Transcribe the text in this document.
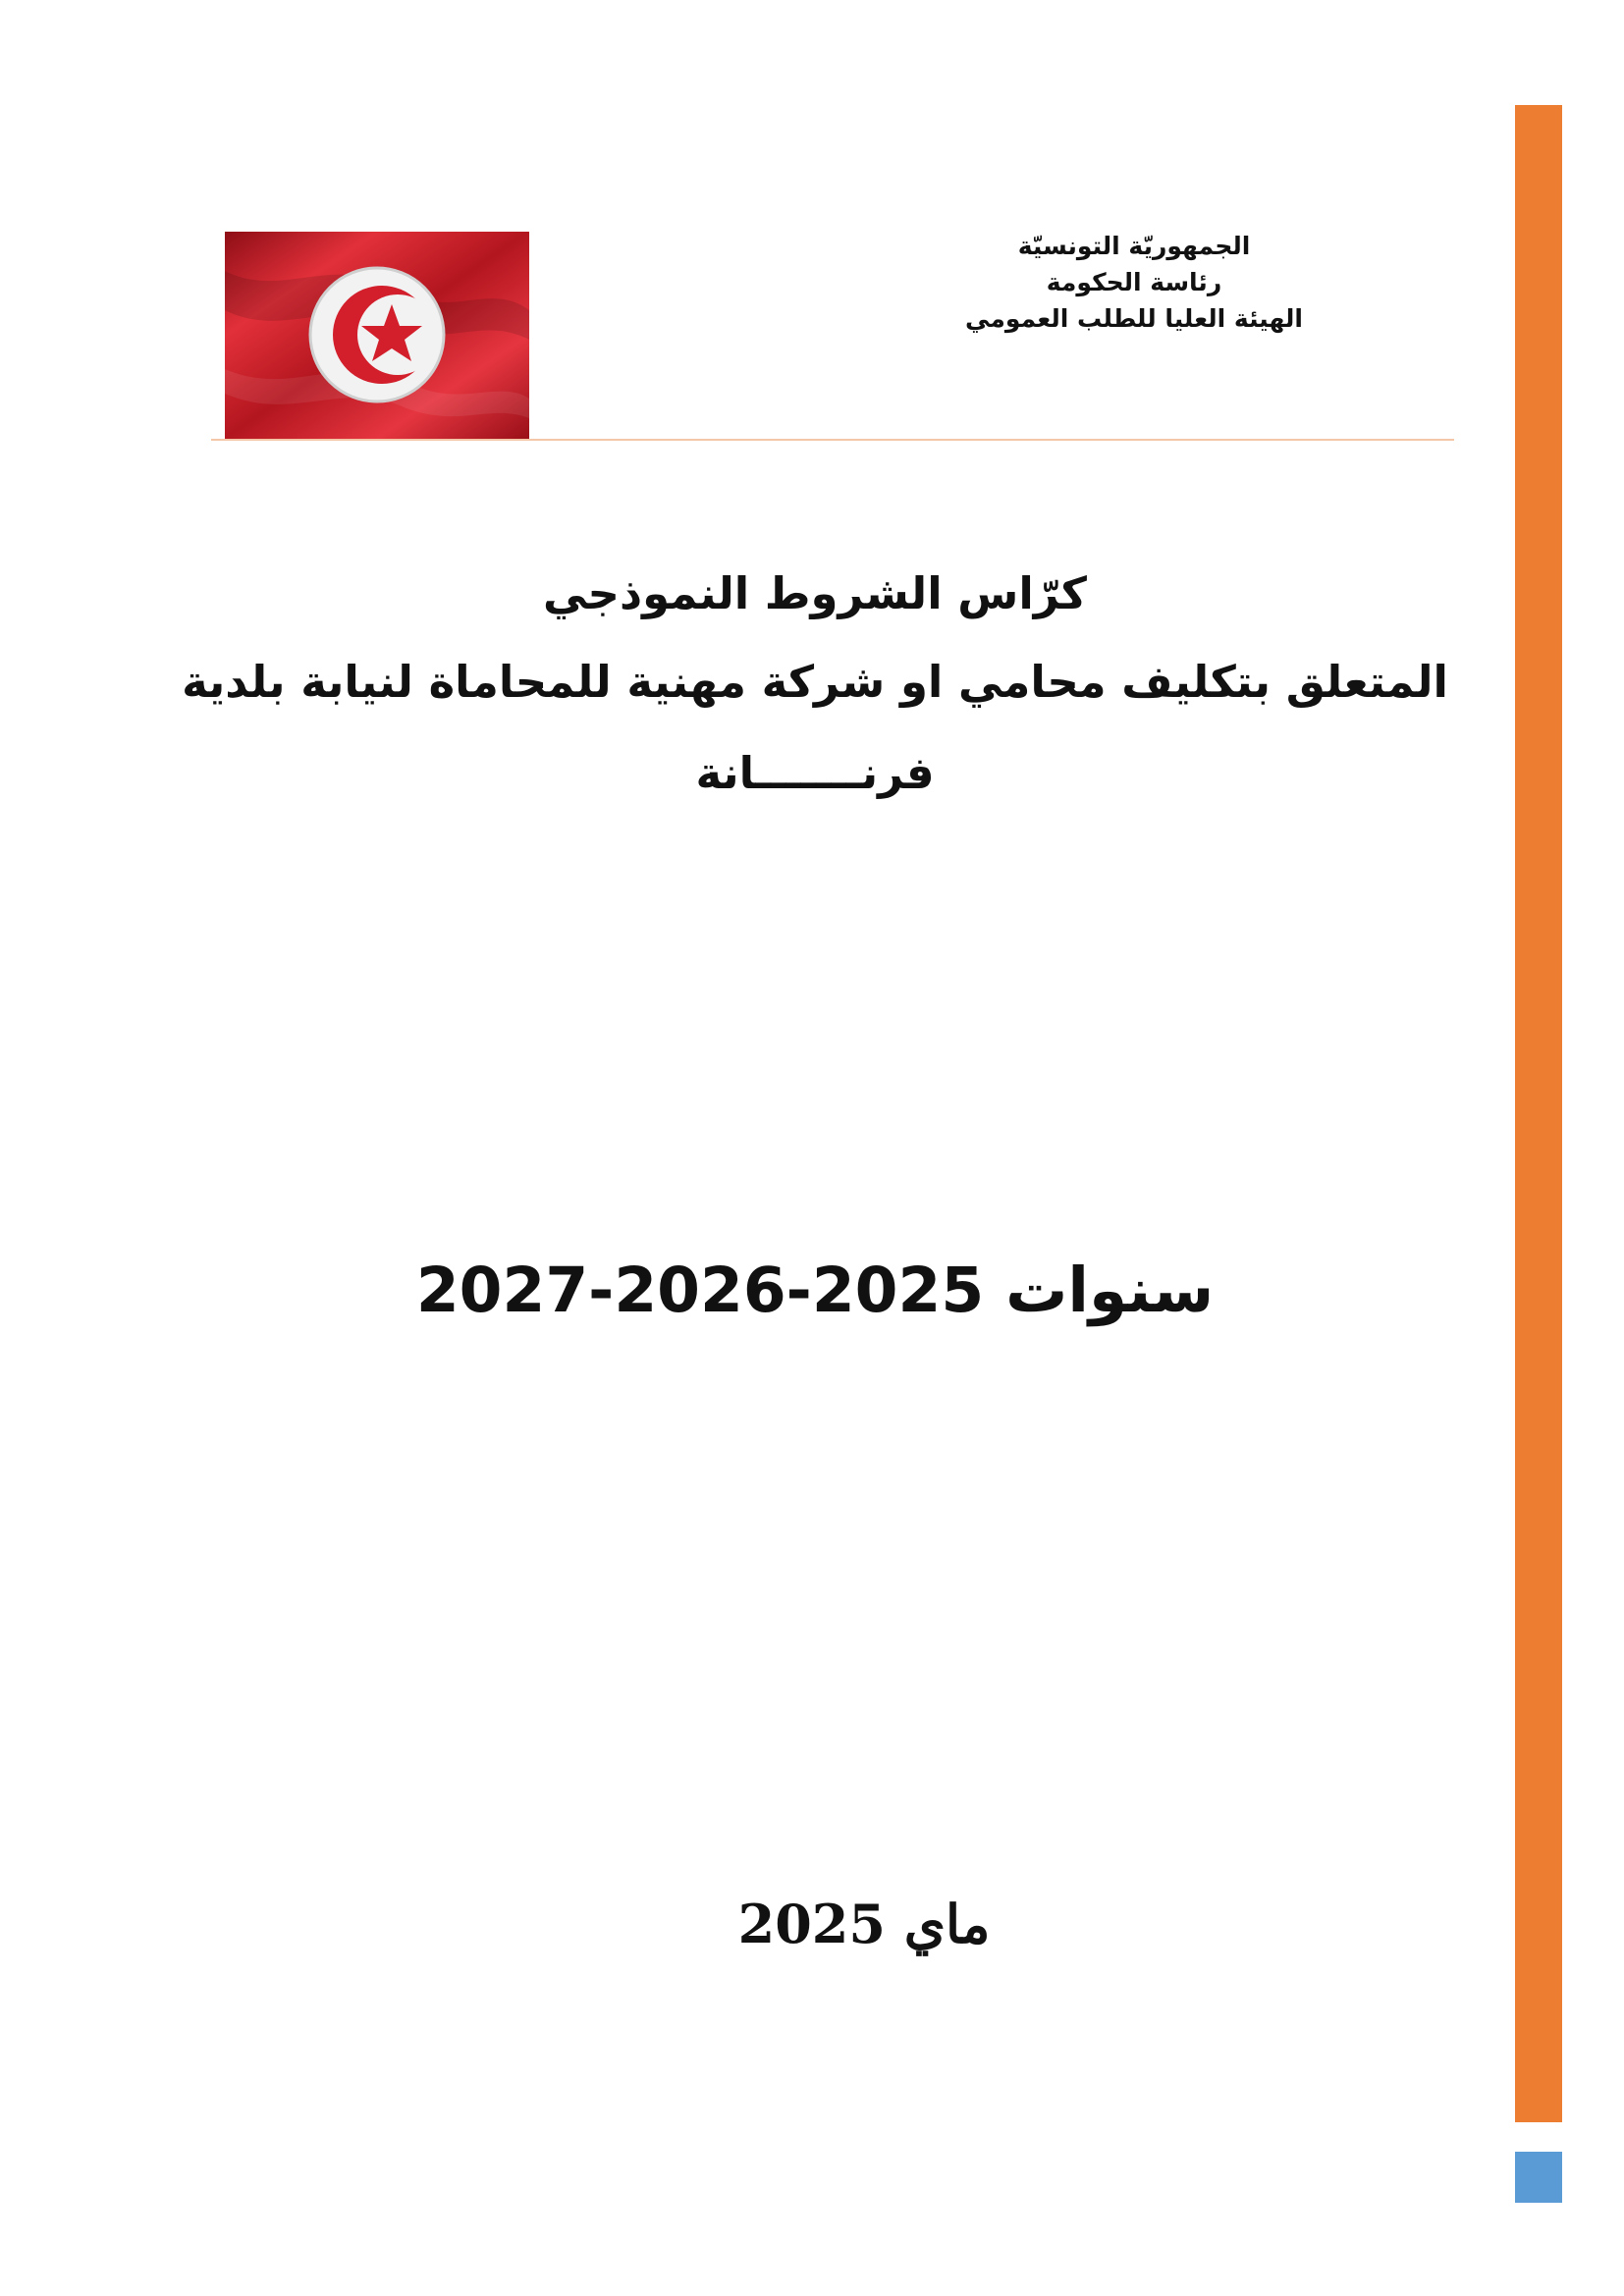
الجمهوريّة التونسيّة
رئاسة الحكومة
الهيئة العليا للطلب العمومي
كرّاس الشروط النموذجي
المتعلق بتكليف محامي او شركة مهنية للمحاماة لنيابة بلدية
فرنـــــــانة
سنوات 2025-2026-2027
ماي 2025
